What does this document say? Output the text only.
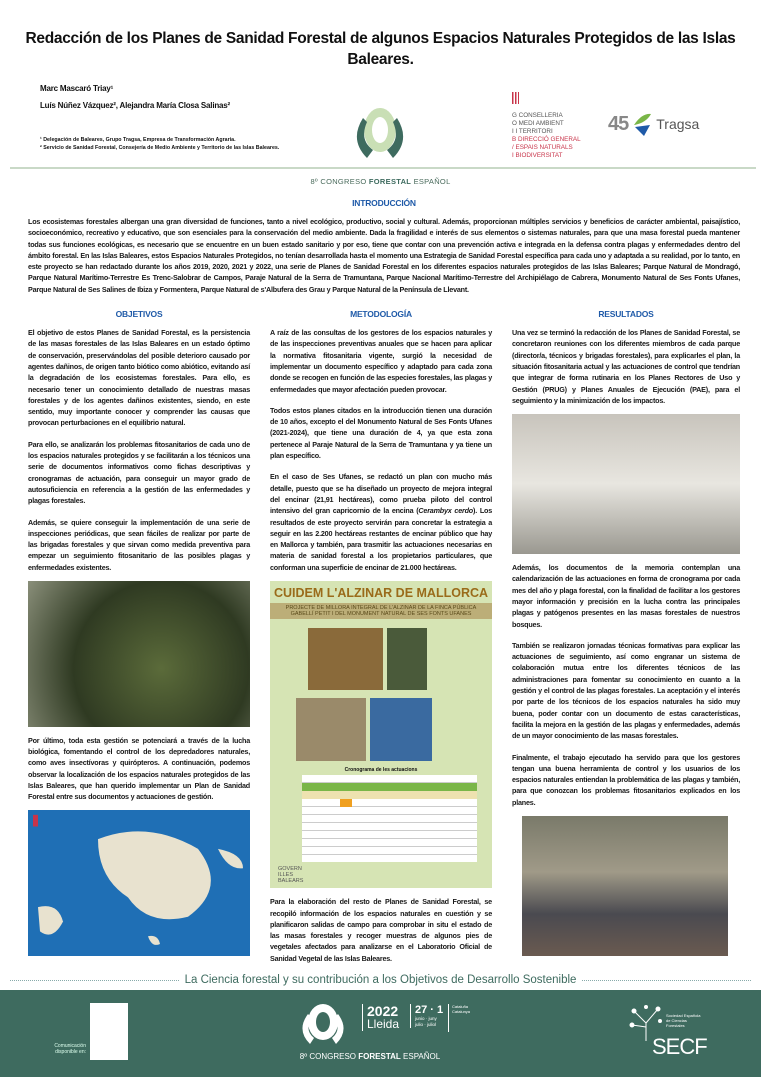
Redacción de los Planes de Sanidad Forestal de algunos Espacios Naturales Protegidos de las Islas Baleares.
Marc Mascaró Triay¹
Luís Núñez Vázquez², Alejandra María Closa Salinas²
¹ Delegación de Baleares, Grupo Tragsa, Empresa de Transformación Agraria.
² Servicio de Sanidad Forestal, Consejería de Medio Ambiente y Territorio de las Islas Baleares.
G CONSELLERIA
O MEDI AMBIENT
I I TERRITORI
B DIRECCIÓ GENERAL
/ ESPAIS NATURALS
I BIODIVERSITAT
45 Tragsa
8º CONGRESO FORESTAL ESPAÑOL
INTRODUCCIÓN
Los ecosistemas forestales albergan una gran diversidad de funciones, tanto a nivel ecológico, productivo, social y cultural. Además, proporcionan múltiples servicios y beneficios de carácter ambiental, paisajístico, socioeconómico, recreativo y educativo, que son esenciales para la conservación del medio ambiente. Dada la fragilidad e interés de sus elementos o sistemas naturales, para que una masa forestal pueda mantener todas sus funciones ecológicas, es necesario que se encuentre en un buen estado sanitario y por eso, tiene que contar con una prevención activa e integrada en la defensa contra plagas y enfermedades dentro del ámbito forestal. En las Islas Baleares, estos Espacios Naturales Protegidos, no tenían desarrollada hasta el momento una Estrategia de Sanidad Forestal específica para cada uno y adaptada a su realidad, por lo tanto, en este proyecto se han redactado durante los años 2019, 2020, 2021 y 2022, una serie de Planes de Sanidad Forestal en los diferentes espacios naturales protegidos de las Islas Baleares; Parque Natural de Mondragó, Parque Natural Marítimo-Terrestre Es Trenc-Salobrar de Campos, Paraje Natural de la Serra de Tramuntana, Parque Nacional Marítimo-Terrestre del Archipiélago de Cabrera, Monumento Natural de Ses Fonts Ufanes, Parque Natural de Ses Salines de Ibiza y Formentera, Parque Natural de s'Albufera des Grau y Parque Natural de la Península de Llevant.
OBJETIVOS
El objetivo de estos Planes de Sanidad Forestal, es la persistencia de las masas forestales de las Islas Baleares en un estado óptimo de conservación, preservándolas del posible deterioro causado por agentes dañinos, de origen tanto biótico como abiótico, evitando así la degradación de los ecosistemas forestales. Para ello, es necesario tener un conocimiento detallado de nuestras masas forestales y de los agentes dañinos existentes, siendo, en este sentido, muy importante conocer y comprender las causas que provocan perturbaciones en el equilibrio natural.
Para ello, se analizarán los problemas fitosanitarios de cada uno de los espacios naturales protegidos y se facilitarán a los técnicos una serie de documentos informativos como fichas descriptivas y cronogramas de actuación, para conseguir un mayor grado de autosuficiencia en referencia a la gestión de las enfermedades y plagas forestales.
Además, se quiere conseguir la implementación de una serie de inspecciones periódicas, que sean fáciles de realizar por parte de las brigadas forestales y que sirvan como medida preventiva para empezar un seguimiento fitosanitario de las posibles plagas y enfermedades existentes.
Por último, toda esta gestión se potenciará a través de la lucha biológica, fomentando el control de los depredadores naturales, como aves insectívoras y quirópteros. A continuación, podemos observar la localización de los espacios naturales protegidos de las Islas Baleares, que han querido implementar un Plan de Sanidad Forestal entre sus documentos y actuaciones de gestión.
METODOLOGÍA
A raíz de las consultas de los gestores de los espacios naturales y de las inspecciones preventivas anuales que se hacen para aplicar la normativa fitosanitaria vigente, surgió la necesidad de implementar un documento específico y adaptado para cada zona donde se recogen en función de las especies forestales, las plagas y enfermedades que mayor afectación pueden provocar.
Todos estos planes citados en la introducción tienen una duración de 10 años, excepto el del Monumento Natural de Ses Fonts Ufanes (2021-2024), que tiene una duración de 4, ya que esta zona pertenece al Paraje Natural de la Serra de Tramuntana y ya tiene un plan específico.
En el caso de Ses Ufanes, se redactó un plan con mucho más detalle, puesto que se ha diseñado un proyecto de mejora integral del encinar (21,91 hectáreas), como prueba piloto del control intensivo del gran capricornio de la encina (Cerambyx cerdo). Los resultados de este proyecto servirán para concretar la estrategia a seguir en las 2.200 hectáreas restantes de encinar público que hay en Mallorca y también, para trasmitir las actuaciones necesarias en materia de sanidad forestal a los propietarios particulares, que conforman una superficie de encinar de 21.000 hectáreas.
CUIDEM L'ALZINAR DE MALLORCA
PROJECTE DE MILLORA INTEGRAL DE L'ALZINAR DE LA FINCA PÚBLICA GABELLÍ PETIT I DEL MONUMENT NATURAL DE SES FONTS UFANES
Cronograma de les actuacions
GOVERN ILLES BALEARS
Para la elaboración del resto de Planes de Sanidad Forestal, se recopiló información de los espacios naturales en cuestión y se planificaron salidas de campo para comprobar in situ el estado de las masas forestales y recoger muestras de algunos pies de vegetales afectados para analizarse en el Laboratorio Oficial de Sanidad Vegetal de las Islas Baleares.
RESULTADOS
Una vez se terminó la redacción de los Planes de Sanidad Forestal, se concretaron reuniones con los diferentes miembros de cada parque (director/a, técnicos y brigadas forestales), para explicarles el plan, la situación fitosanitaria actual y las actuaciones de control que tendrían que integrar de forma rutinaria en los Planes Rectores de Uso y Gestión (PRUG) y Planes Anuales de Ejecución (PAE), para el seguimiento y la minimización de los impactos.
Además, los documentos de la memoria contemplan una calendarización de las actuaciones en forma de cronograma por cada mes del año y plaga forestal, con la finalidad de facilitar a los gestores mayor información y precisión en la lucha contra las principales plagas y patógenos presentes en las masas forestales de nuestros bosques.
También se realizaron jornadas técnicas formativas para explicar las actuaciones de seguimiento, así como engranar un sistema de colaboración mutua entre los diferentes técnicos de las administraciones para fomentar su conocimiento en cuanto a la gestión y el control de las plagas forestales. La aceptación y el interés por parte de los técnicos de los espacios naturales ha sido muy buena, poder contar con un documento de estas características, facilita la mejora en la gestión de las plagas y enfermedades, además de un mayor conocimiento de las masas forestales.
Finalmente, el trabajo ejecutado ha servido para que los gestores tengan una buena herramienta de control y los usuarios de los espacios naturales entiendan la problemática de las plagas y también, para que conozcan los problemas fitosanitarios explicados en los planes.
La Ciencia forestal y su contribución a los Objetivos de Desarrollo Sostenible
Comunicación disponible en:
2022
Lleida
27 · 1
junio · juny julio · juliol
Cataluña Catalunya
8º CONGRESO FORESTAL ESPAÑOL
Sociedad Española de Ciencias Forestales
SECF
